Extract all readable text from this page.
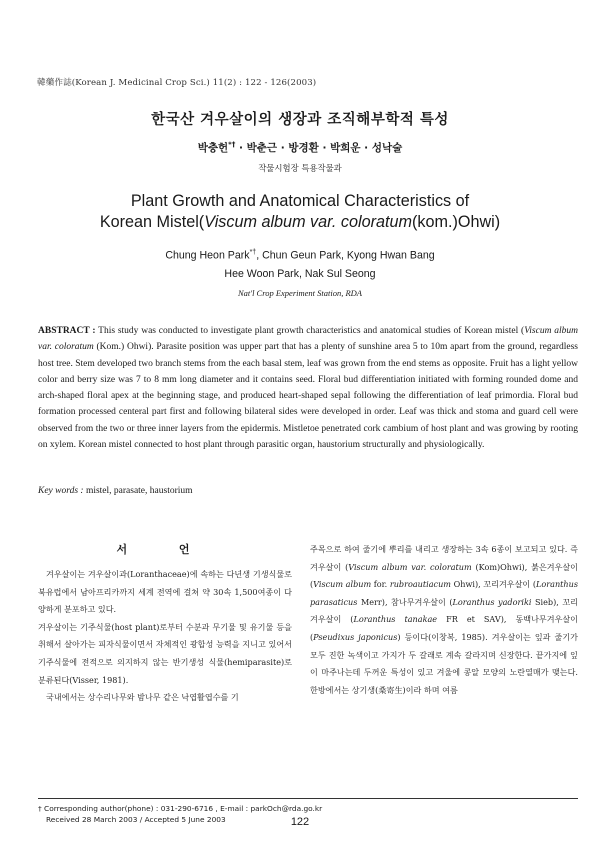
韓藥作誌(Korean J. Medicinal Crop Sci.) 11(2) : 122 - 126(2003)
한국산 겨우살이의 생장과 조직해부학적 특성
박충헌*† · 박춘근 · 방경환 · 박희운 · 성낙술
작물시험장 특용작물과
Plant Growth and Anatomical Characteristics of
Korean Mistel(Viscum album var. coloratum(kom.)Ohwi)
Chung Heon Park*†, Chun Geun Park, Kyong Hwan Bang
Hee Woon Park, Nak Sul Seong
Nat'l Crop Experiment Station, RDA
ABSTRACT : This study was conducted to investigate plant growth characteristics and anatomical studies of Korean mistel (Viscum album var. coloratum (Kom.) Ohwi). Parasite position was upper part that has a plenty of sunshine area 5 to 10m apart from the ground, regardless host tree. Stem developed two branch stems from the each basal stem, leaf was grown from the end stems as opposite. Fruit has a light yellow color and berry size was 7 to 8 mm long diameter and it contains seed. Floral bud differentiation initiated with forming rounded dome and arch-shaped floral apex at the beginning stage, and produced heart-shaped sepal following the differentiation of leaf primordia. Floral bud formation processed centeral part first and following bilateral sides were developed in order. Leaf was thick and stoma and guard cell were observed from the two or three inner layers from the epidermis. Mistletoe penetrated cork cambium of host plant and was growing by rooting on xylem. Korean mistel connected to host plant through parasitic organ, haustorium structurally and physiologically.
Key words : mistel, parasate, haustorium
서 언

겨우살이는 겨우살이과(Loranthaceae)에 속하는 다년생 기생식물로 북유럽에서 남아프리카까지 세계 전역에 걸쳐 약 30속 1,500여종이 다양하게 분포하고 있다.

겨우살이는 기주식물(host plant)로부터 수분과 무기물 및 유기물 등을 취해서 살아가는 피자식물이면서 자체적인 광합성 능력을 지니고 있어서 기주식물에 전적으로 의지하지 않는 반기생성 식물(hemiparasite)로 분류된다(Visser, 1981).

국내에서는 상수리나무와 밤나무 같은 낙엽활엽수를 기

주목으로 하여 줄기에 뿌리를 내리고 생장하는 3속 6종이 보고되고 있다. 즉 겨우살이 (Viscum album var. coloratum (Kom)Ohwi), 붉은겨우살이 (Viscum album for. rubroautiacum Ohwi), 꼬리겨우살이 (Loranthus parasaticus Merr), 참나무겨우살이 (Loranthus yadoriki Sieb), 꼬리겨우살이 (Loranthus tanakae FR et SAV), 동백나무겨우살이 (Pseudixus japonicus) 등이다(이창복, 1985). 겨우살이는 잎과 줄기가 모두 진한 녹색이고 가지가 두 갈래로 계속 갈라지며 신장한다. 끝가지에 잎이 마주나는데 두꺼운 특성이 있고 겨울에 콩알 모양의 노란열매가 맺는다. 한방에서는 상기생(桑寄生)이라 하며 여름
† Corresponding author(phone) : 031-290-6716 , E-mail : parkOch@rda.go.kr
Received 28 March 2003 / Accepted 5 June 2003	122
